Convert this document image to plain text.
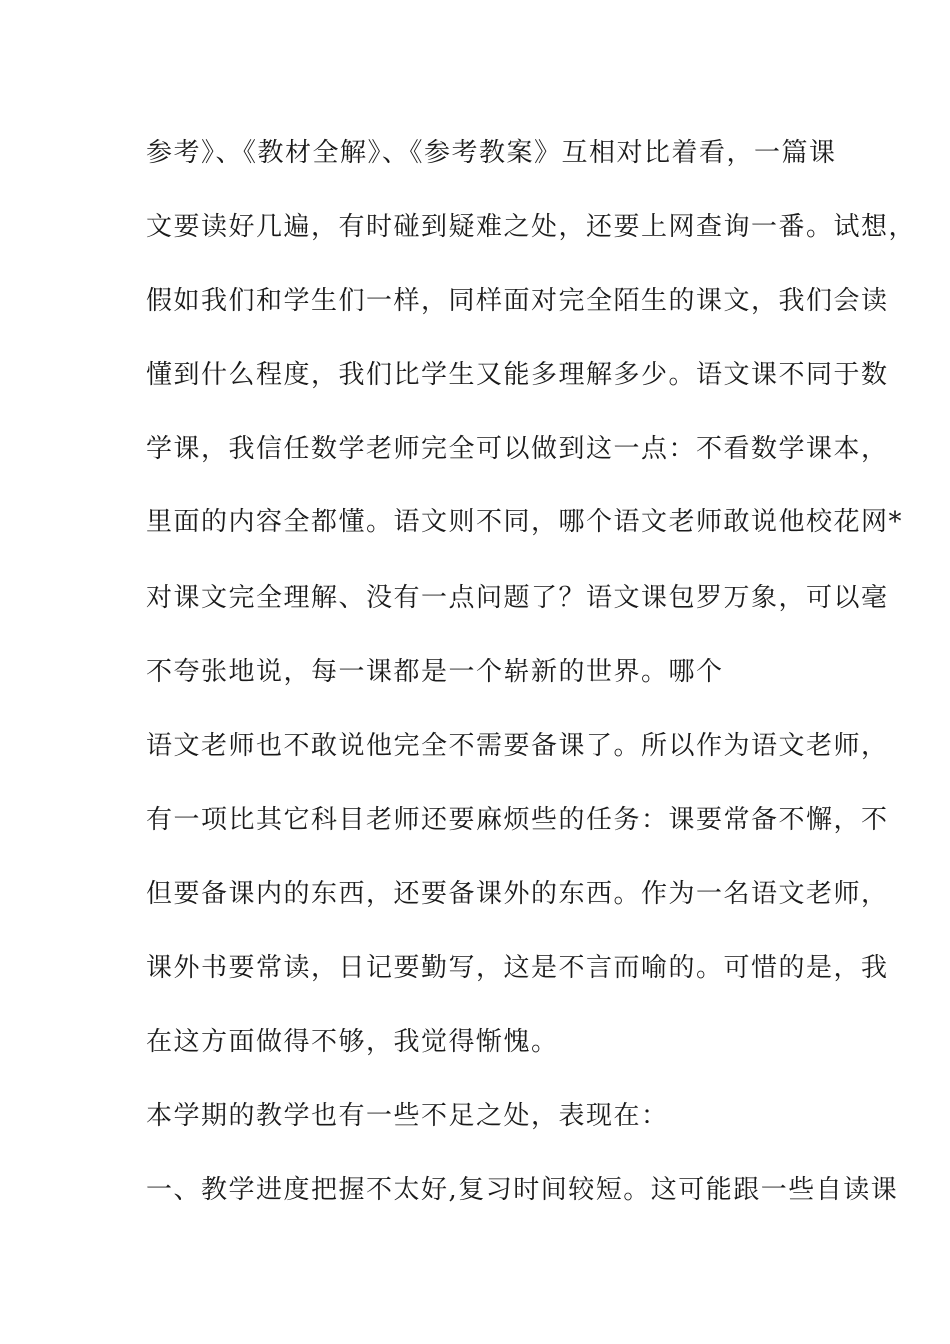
参考》、《教材全解》、《参考教案》互相对比着看，一篇课
文要读好几遍，有时碰到疑难之处，还要上网查询一番。试想，
假如我们和学生们一样，同样面对完全陌生的课文，我们会读
懂到什么程度，我们比学生又能多理解多少。语文课不同于数
学课，我信任数学老师完全可以做到这一点：不看数学课本，
里面的内容全都懂。语文则不同，哪个语文老师敢说他校花网*
对课文完全理解、没有一点问题了？语文课包罗万象，可以毫
不夸张地说，每一课都是一个崭新的世界。哪个
语文老师也不敢说他完全不需要备课了。所以作为语文老师，
有一项比其它科目老师还要麻烦些的任务：课要常备不懈，不
但要备课内的东西，还要备课外的东西。作为一名语文老师，
课外书要常读，日记要勤写，这是不言而喻的。可惜的是，我
在这方面做得不够，我觉得惭愧。
本学期的教学也有一些不足之处，表现在：
一、教学进度把握不太好,复习时间较短。这可能跟一些自读课
